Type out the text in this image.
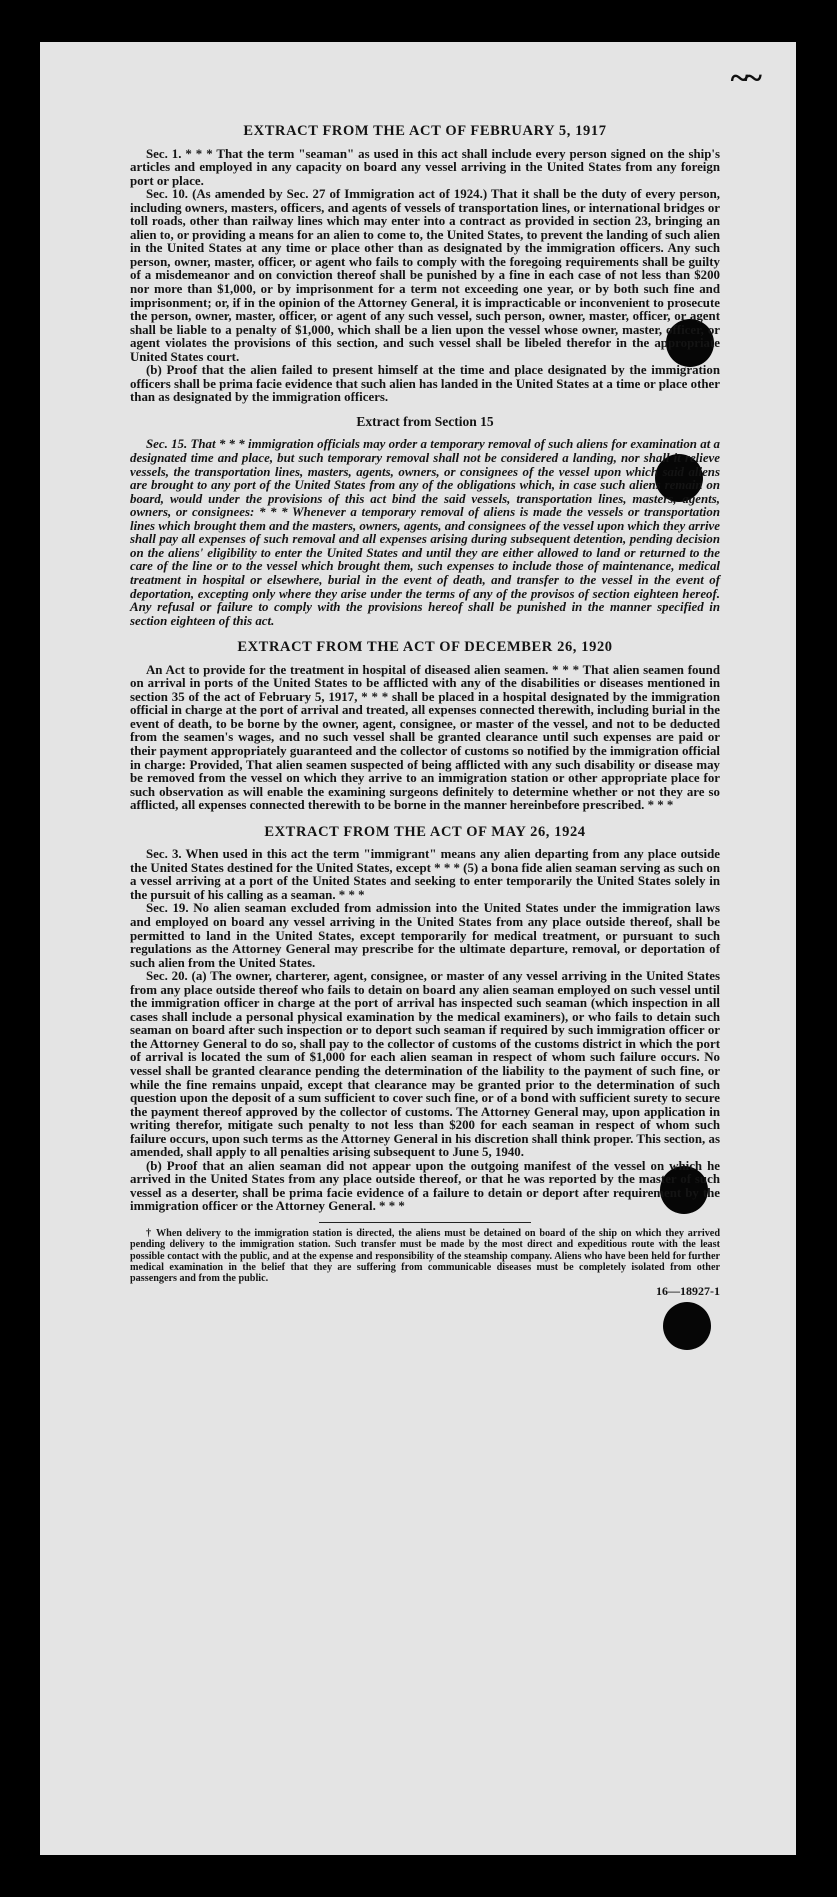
~~
EXTRACT FROM THE ACT OF FEBRUARY 5, 1917

Sec. 1. * * * That the term "seaman" as used in this act shall include every person signed on the ship's articles and employed in any capacity on board any vessel arriving in the United States from any foreign port or place.

Sec. 10. (As amended by Sec. 27 of Immigration act of 1924.) That it shall be the duty of every person, including owners, masters, officers, and agents of vessels of transportation lines, or international bridges or toll roads, other than railway lines which may enter into a contract as provided in section 23, bringing an alien to, or providing a means for an alien to come to, the United States, to prevent the landing of such alien in the United States at any time or place other than as designated by the immigration officers. Any such person, owner, master, officer, or agent who fails to comply with the foregoing requirements shall be guilty of a misdemeanor and on conviction thereof shall be punished by a fine in each case of not less than $200 nor more than $1,000, or by imprisonment for a term not exceeding one year, or by both such fine and imprisonment; or, if in the opinion of the Attorney General, it is impracticable or inconvenient to prosecute the person, owner, master, officer, or agent of any such vessel, such person, owner, master, officer, or agent shall be liable to a penalty of $1,000, which shall be a lien upon the vessel whose owner, master, officer, or agent violates the provisions of this section, and such vessel shall be libeled therefor in the appropriate United States court.

(b) Proof that the alien failed to present himself at the time and place designated by the immigration officers shall be prima facie evidence that such alien has landed in the United States at a time or place other than as designated by the immigration officers.

Extract from Section 15

Sec. 15. That * * * immigration officials may order a temporary removal of such aliens for examination at a designated time and place, but such temporary removal shall not be considered a landing, nor shall it relieve vessels, the transportation lines, masters, agents, owners, or consignees of the vessel upon which said aliens are brought to any port of the United States from any of the obligations which, in case such aliens remain on board, would under the provisions of this act bind the said vessels, transportation lines, masters, agents, owners, or consignees: * * * Whenever a temporary removal of aliens is made the vessels or transportation lines which brought them and the masters, owners, agents, and consignees of the vessel upon which they arrive shall pay all expenses of such removal and all expenses arising during subsequent detention, pending decision on the aliens' eligibility to enter the United States and until they are either allowed to land or returned to the care of the line or to the vessel which brought them, such expenses to include those of maintenance, medical treatment in hospital or elsewhere, burial in the event of death, and transfer to the vessel in the event of deportation, excepting only where they arise under the terms of any of the provisos of section eighteen hereof. Any refusal or failure to comply with the provisions hereof shall be punished in the manner specified in section eighteen of this act.

EXTRACT FROM THE ACT OF DECEMBER 26, 1920

An Act to provide for the treatment in hospital of diseased alien seamen. * * * That alien seamen found on arrival in ports of the United States to be afflicted with any of the disabilities or diseases mentioned in section 35 of the act of February 5, 1917, * * * shall be placed in a hospital designated by the immigration official in charge at the port of arrival and treated, all expenses connected therewith, including burial in the event of death, to be borne by the owner, agent, consignee, or master of the vessel, and not to be deducted from the seamen's wages, and no such vessel shall be granted clearance until such expenses are paid or their payment appropriately guaranteed and the collector of customs so notified by the immigration official in charge: Provided, That alien seamen suspected of being afflicted with any such disability or disease may be removed from the vessel on which they arrive to an immigration station or other appropriate place for such observation as will enable the examining surgeons definitely to determine whether or not they are so afflicted, all expenses connected therewith to be borne in the manner hereinbefore prescribed. * * *

EXTRACT FROM THE ACT OF MAY 26, 1924

Sec. 3. When used in this act the term "immigrant" means any alien departing from any place outside the United States destined for the United States, except * * * (5) a bona fide alien seaman serving as such on a vessel arriving at a port of the United States and seeking to enter temporarily the United States solely in the pursuit of his calling as a seaman. * * *

Sec. 19. No alien seaman excluded from admission into the United States under the immigration laws and employed on board any vessel arriving in the United States from any place outside thereof, shall be permitted to land in the United States, except temporarily for medical treatment, or pursuant to such regulations as the Attorney General may prescribe for the ultimate departure, removal, or deportation of such alien from the United States.

Sec. 20. (a) The owner, charterer, agent, consignee, or master of any vessel arriving in the United States from any place outside thereof who fails to detain on board any alien seaman employed on such vessel until the immigration officer in charge at the port of arrival has inspected such seaman (which inspection in all cases shall include a personal physical examination by the medical examiners), or who fails to detain such seaman on board after such inspection or to deport such seaman if required by such immigration officer or the Attorney General to do so, shall pay to the collector of customs of the customs district in which the port of arrival is located the sum of $1,000 for each alien seaman in respect of whom such failure occurs. No vessel shall be granted clearance pending the determination of the liability to the payment of such fine, or while the fine remains unpaid, except that clearance may be granted prior to the determination of such question upon the deposit of a sum sufficient to cover such fine, or of a bond with sufficient surety to secure the payment thereof approved by the collector of customs. The Attorney General may, upon application in writing therefor, mitigate such penalty to not less than $200 for each seaman in respect of whom such failure occurs, upon such terms as the Attorney General in his discretion shall think proper. This section, as amended, shall apply to all penalties arising subsequent to June 5, 1940.

(b) Proof that an alien seaman did not appear upon the outgoing manifest of the vessel on which he arrived in the United States from any place outside thereof, or that he was reported by the master of such vessel as a deserter, shall be prima facie evidence of a failure to detain or deport after requirement by the immigration officer or the Attorney General. * * *

† When delivery to the immigration station is directed, the aliens must be detained on board of the ship on which they arrived pending delivery to the immigration station. Such transfer must be made by the most direct and expeditious route with the least possible contact with the public, and at the expense and responsibility of the steamship company. Aliens who have been held for further medical examination in the belief that they are suffering from communicable diseases must be completely isolated from other passengers and from the public.

16—18927-1
